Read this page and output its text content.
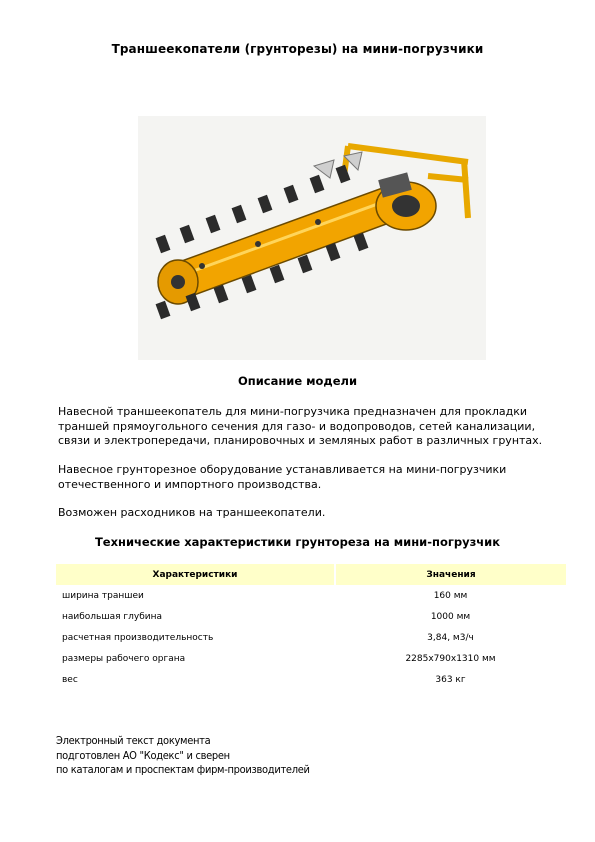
Траншеекопатели (грунторезы) на мини-погрузчики
Описание модели
Навесной траншеекопатель для мини-погрузчика предназначен для прокладки траншей прямоугольного сечения для газо- и водопроводов, сетей канализации, связи и электропередачи, планировочных и земляных работ в различных грунтах.
Навесное грунторезное оборудование устанавливается на мини-погрузчики отечественного и импортного производства.
Возможен расходников на траншеекопатели.
Технические характеристики грунтореза на мини-погрузчик
Характеристики	Значения
ширина траншеи	160 мм
наибольшая глубина	1000 мм
расчетная производительность	3,84, м3/ч
размеры рабочего органа	2285х790х1310 мм
вес	363 кг
Электронный текст документа
подготовлен АО "Кодекс" и сверен
по каталогам и проспектам фирм-производителей
